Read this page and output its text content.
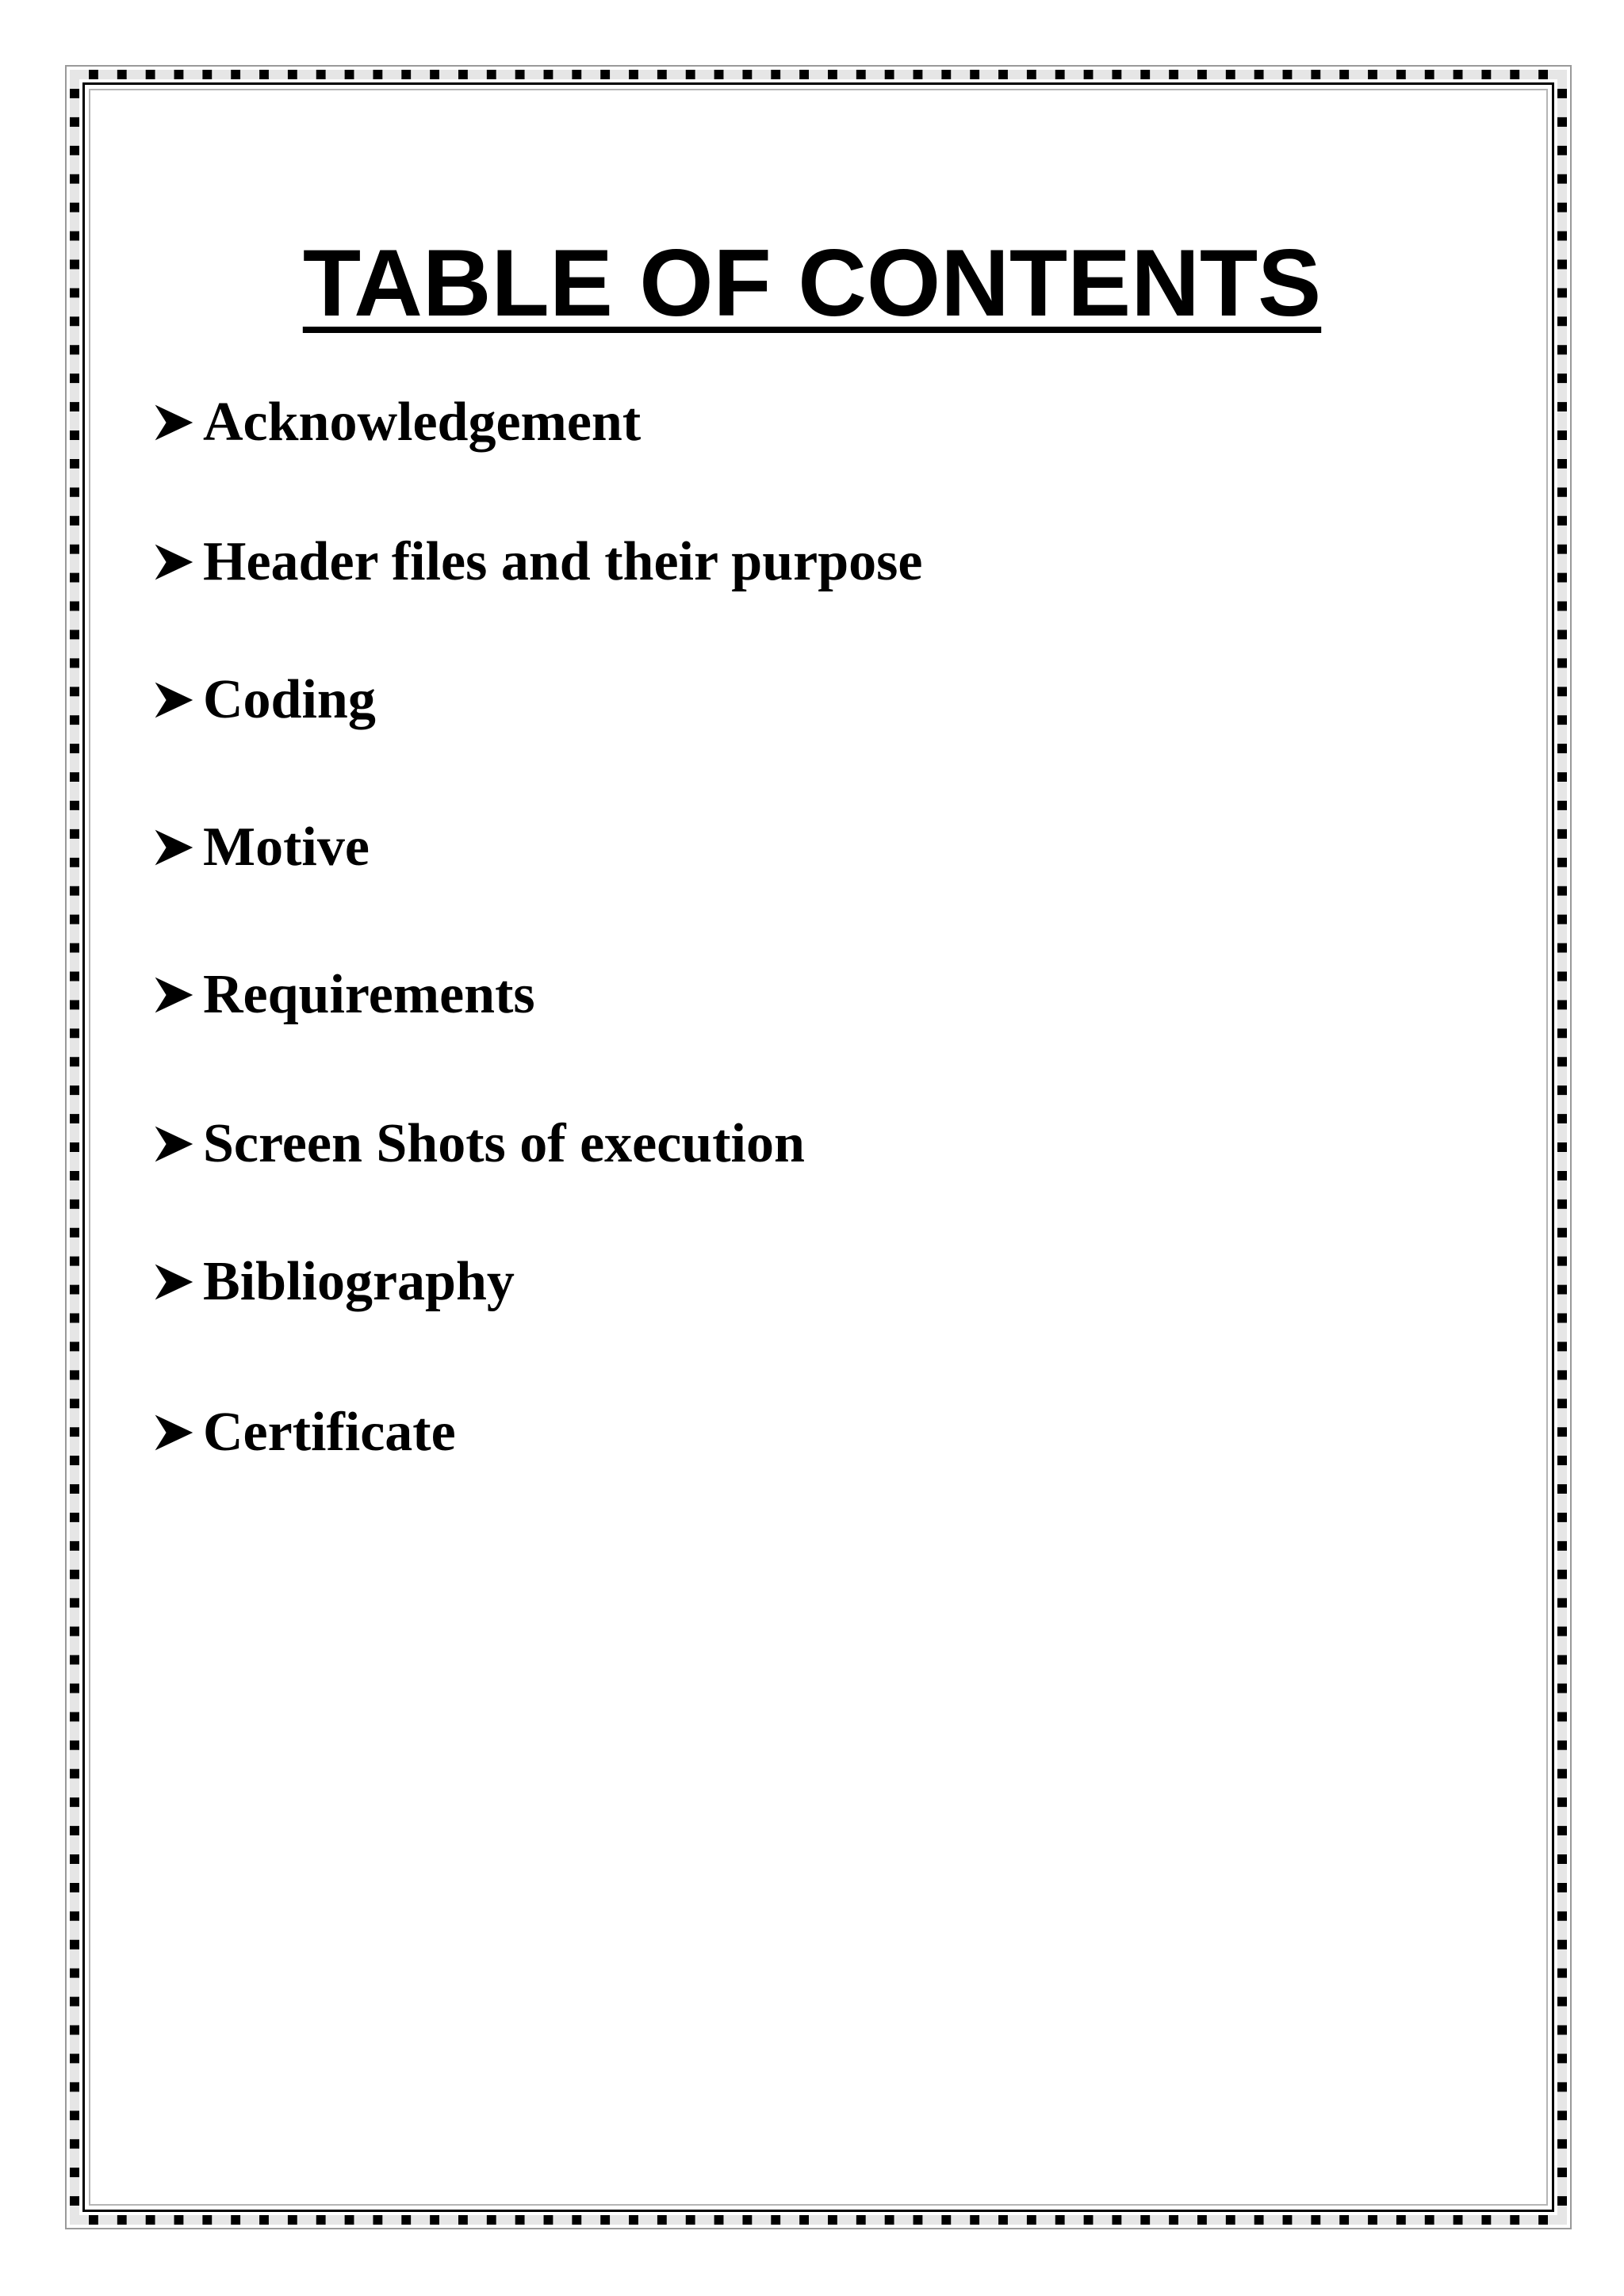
TABLE OF CONTENTS
Acknowledgement
Header files and their purpose
Coding
Motive
Requirements
Screen Shots of execution
Bibliography
Certificate
